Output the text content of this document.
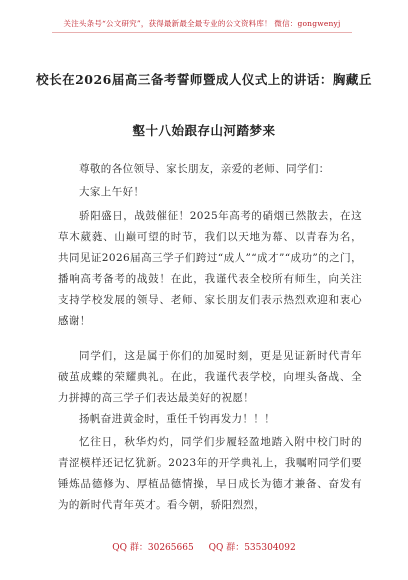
关注头条号“公文研究”，获得最新最全最专业的公文资料库！ 微信：gongwenyj
校长在2026届高三备考誓师暨成人仪式上的讲话：胸藏丘
壑十八始跟存山河踏梦来

尊敬的各位领导、家长朋友，亲爱的老师、同学们：

大家上午好！

骄阳盛日，战鼓催征！2025年高考的硝烟已然散去，在这草木葳蕤、山巅可望的时节，我们以天地为幕、以青春为名，共同见证2026届高三学子们跨过“成人”“成才”“成功”的之门，播响高考备考的战鼓！在此，我谨代表全校所有师生，向关注支持学校发展的领导、老师、家长朋友们表示热烈欢迎和衷心感谢！

同学们，这是属于你们的加冕时刻，更是见证新时代青年破茧成蝶的荣耀典礼。在此，我谨代表学校，向埋头备战、全力拼搏的高三学子们表达最美好的祝愿！

扬帆奋进黄金时，重任千钧再发力！！！

忆往日，秋华灼灼，同学们步履轻盈地踏入附中校门时的青涩模样还记忆犹新。2023年的开学典礼上，我嘱咐同学们要锤炼品德修为、厚植品德情操，早日成长为德才兼备、奋发有为的新时代青年英才。看今朝，骄阳烈烈，

QQ 群：30265665 QQ 群：535304092
